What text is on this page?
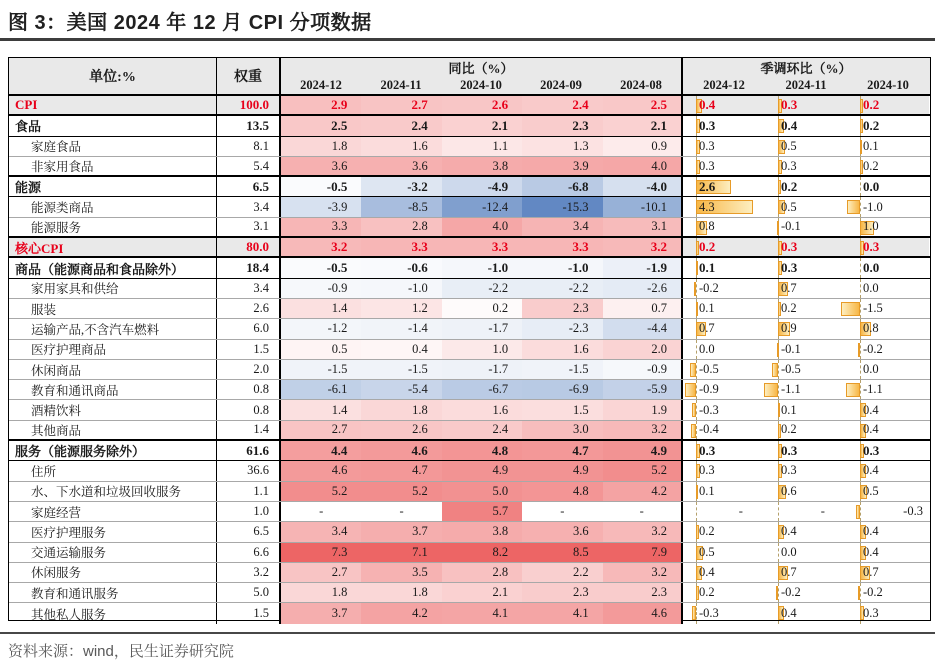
图 3：美国 2024 年 12 月 CPI 分项数据
单位:%	权重
同比（%）
2024-12	2024-11	2024-10	2024-09	2024-08
季调环比（%）
2024-12	2024-11	2024-10
CPI	100.0	2.9	2.7	2.6	2.4	2.5	0.4	0.3	0.2
食品	13.5	2.5	2.4	2.1	2.3	2.1	0.3	0.4	0.2
家庭食品	8.1	1.8	1.6	1.1	1.3	0.9	0.3	0.5	0.1
非家用食品	5.4	3.6	3.6	3.8	3.9	4.0	0.3	0.3	0.2
能源	6.5	-0.5	-3.2	-4.9	-6.8	-4.0	2.6	0.2	0.0
能源类商品	3.4	-3.9	-8.5	-12.4	-15.3	-10.1	4.3	0.5	-1.0
能源服务	3.1	3.3	2.8	4.0	3.4	3.1	0.8	-0.1	1.0
核心CPI	80.0	3.2	3.3	3.3	3.3	3.2	0.2	0.3	0.3
商品（能源商品和食品除外）	18.4	-0.5	-0.6	-1.0	-1.0	-1.9	0.1	0.3	0.0
家用家具和供给	3.4	-0.9	-1.0	-2.2	-2.2	-2.6	-0.2	0.7	0.0
服装	2.6	1.4	1.2	0.2	2.3	0.7	0.1	0.2	-1.5
运输产品,不含汽车燃料	6.0	-1.2	-1.4	-1.7	-2.3	-4.4	0.7	0.9	0.8
医疗护理商品	1.5	0.5	0.4	1.0	1.6	2.0	0.0	-0.1	-0.2
休闲商品	2.0	-1.5	-1.5	-1.7	-1.5	-0.9	-0.5	-0.5	0.0
教育和通讯商品	0.8	-6.1	-5.4	-6.7	-6.9	-5.9	-0.9	-1.1	-1.1
酒精饮料	0.8	1.4	1.8	1.6	1.5	1.9	-0.3	0.1	0.4
其他商品	1.4	2.7	2.6	2.4	3.0	3.2	-0.4	0.2	0.4
服务（能源服务除外）	61.6	4.4	4.6	4.8	4.7	4.9	0.3	0.3	0.3
住所	36.6	4.6	4.7	4.9	4.9	5.2	0.3	0.3	0.4
水、下水道和垃圾回收服务	1.1	5.2	5.2	5.0	4.8	4.2	0.1	0.6	0.5
家庭经营	1.0	-	-	5.7	-	-	-	-	-0.3
医疗护理服务	6.5	3.4	3.7	3.8	3.6	3.2	0.2	0.4	0.4
交通运输服务	6.6	7.3	7.1	8.2	8.5	7.9	0.5	0.0	0.4
休闲服务	3.2	2.7	3.5	2.8	2.2	3.2	0.4	0.7	0.7
教育和通讯服务	5.0	1.8	1.8	2.1	2.3	2.3	0.2	-0.2	-0.2
其他私人服务	1.5	3.7	4.2	4.1	4.1	4.6	-0.3	0.4	0.3
资料来源：wind，民生证券研究院
